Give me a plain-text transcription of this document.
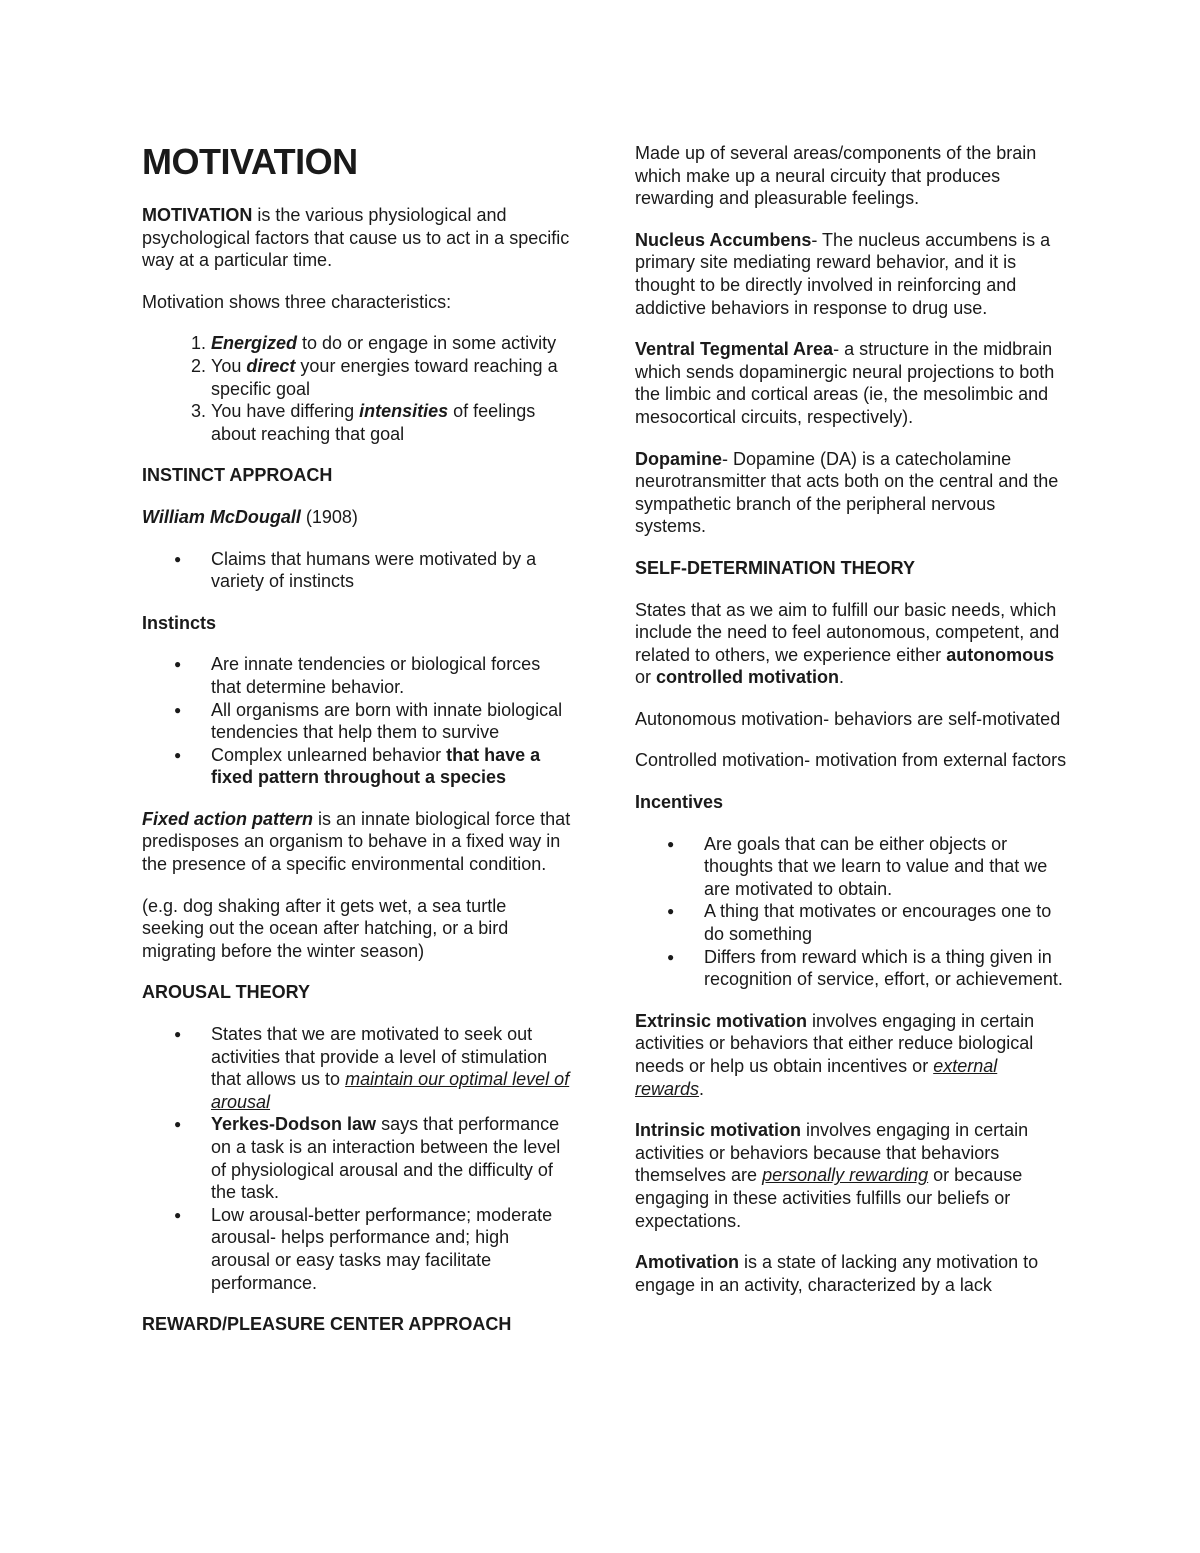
MOTIVATION

MOTIVATION is the various physiological and psychological factors that cause us to act in a specific way at a particular time.

Motivation shows three characteristics:

1. Energized to do or engage in some activity
2. You direct your energies toward reaching a specific goal
3. You have differing intensities of feelings about reaching that goal
INSTINCT APPROACH

William McDougall (1908)

● Claims that humans were motivated by a variety of instincts
Instincts
● Are innate tendencies or biological forces that determine behavior.
● All organisms are born with innate biological tendencies that help them to survive
● Complex unlearned behavior that have a fixed pattern throughout a species

Fixed action pattern is an innate biological force that predisposes an organism to behave in a fixed way in the presence of a specific environmental condition.

(e.g. dog shaking after it gets wet, a sea turtle seeking out the ocean after hatching, or a bird migrating before the winter season)

AROUSAL THEORY
● States that we are motivated to seek out activities that provide a level of stimulation that allows us to maintain our optimal level of arousal
● Yerkes-Dodson law says that performance on a task is an interaction between the level of physiological arousal and the difficulty of the task.
● Low arousal-better performance; moderate arousal- helps performance and; high arousal or easy tasks may facilitate performance.
REWARD/PLEASURE CENTER APPROACH

Made up of several areas/components of the brain which make up a neural circuity that produces rewarding and pleasurable feelings.

Nucleus Accumbens- The nucleus accumbens is a primary site mediating reward behavior, and it is thought to be directly involved in reinforcing and addictive behaviors in response to drug use.

Ventral Tegmental Area- a structure in the midbrain which sends dopaminergic neural projections to both the limbic and cortical areas (ie, the mesolimbic and mesocortical circuits, respectively).

Dopamine- Dopamine (DA) is a catecholamine neurotransmitter that acts both on the central and the sympathetic branch of the peripheral nervous systems.

SELF-DETERMINATION THEORY

States that as we aim to fulfill our basic needs, which include the need to feel autonomous, competent, and related to others, we experience either autonomous or controlled motivation.

Autonomous motivation- behaviors are self-motivated

Controlled motivation- motivation from external factors

Incentives
● Are goals that can be either objects or thoughts that we learn to value and that we are motivated to obtain.
● A thing that motivates or encourages one to do something
● Differs from reward which is a thing given in recognition of service, effort, or achievement.

Extrinsic motivation involves engaging in certain activities or behaviors that either reduce biological needs or help us obtain incentives or external rewards.

Intrinsic motivation involves engaging in certain activities or behaviors because that behaviors themselves are personally rewarding or because engaging in these activities fulfills our beliefs or expectations.

Amotivation is a state of lacking any motivation to engage in an activity, characterized by a lack
